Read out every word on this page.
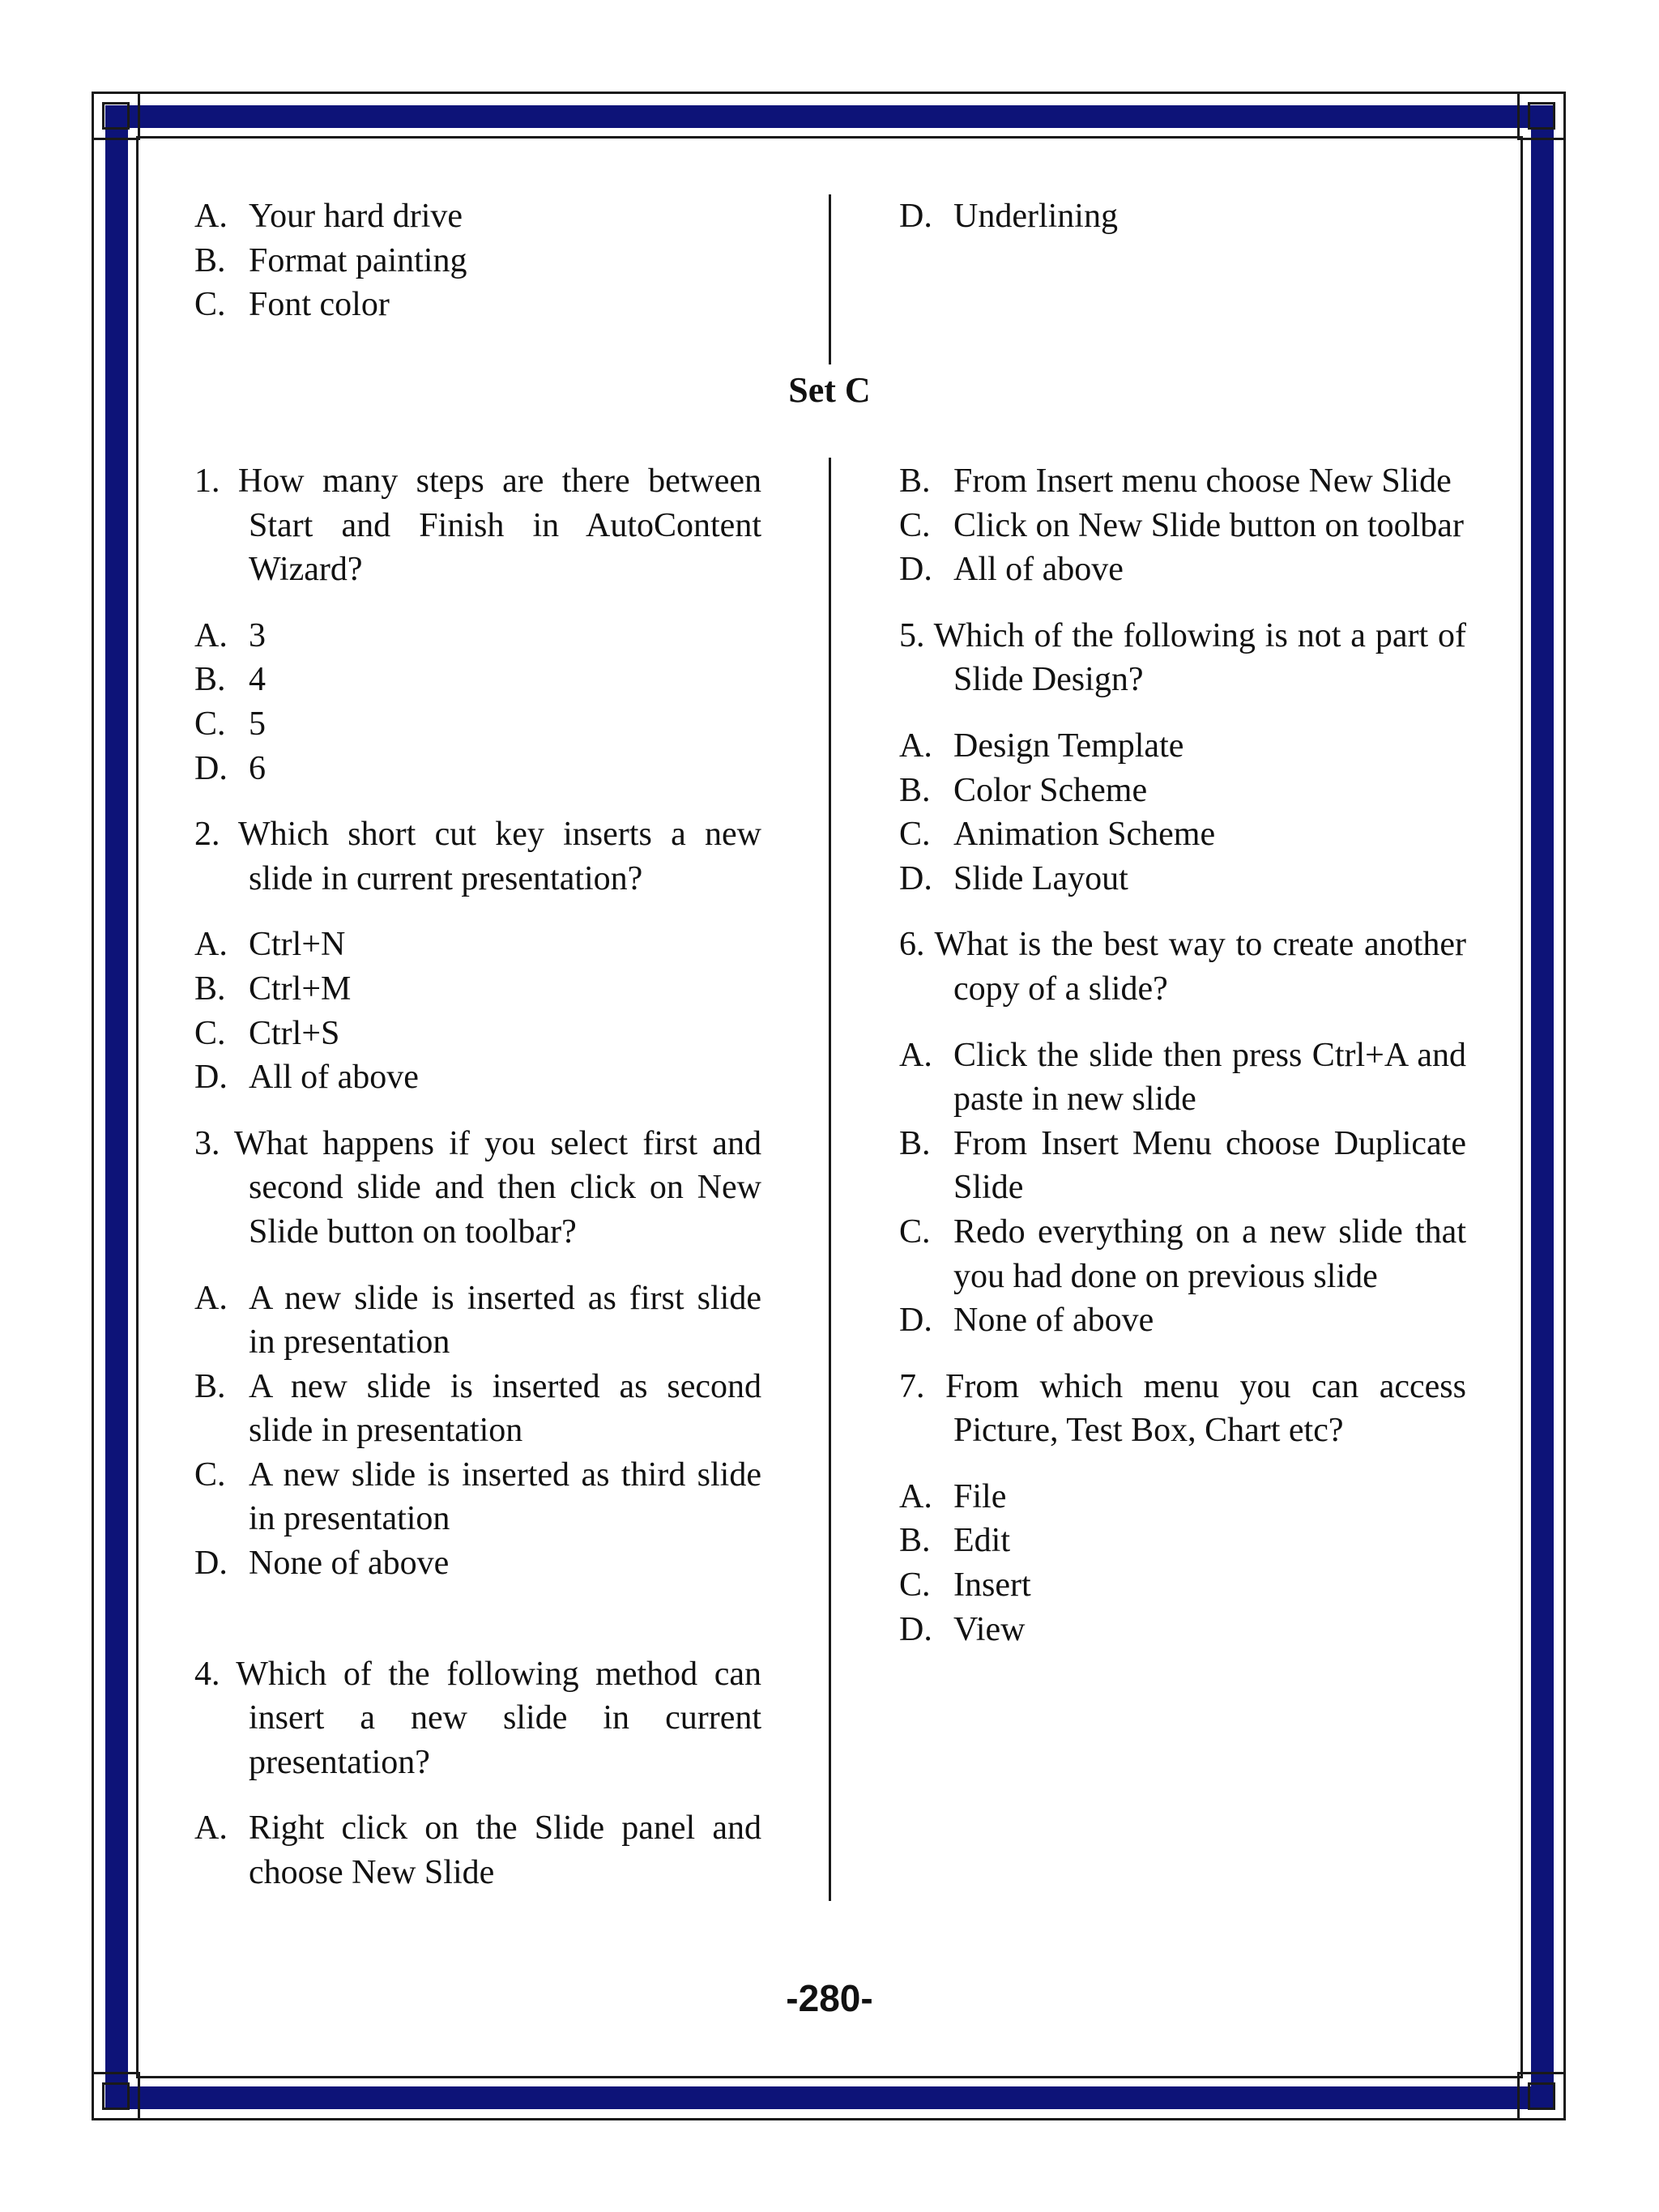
A. Your hard drive
B. Format painting
C. Font color
D. Underlining
Set C
1. How many steps are there between Start and Finish in AutoContent Wizard?
A. 3
B. 4
C. 5
D. 6
2. Which short cut key inserts a new slide in current presentation?
A. Ctrl+N
B. Ctrl+M
C. Ctrl+S
D. All of above
3. What happens if you select first and second slide and then click on New Slide button on toolbar?
A. A new slide is inserted as first slide in presentation
B. A new slide is inserted as second slide in presentation
C. A new slide is inserted as third slide in presentation
D. None of above
4. Which of the following method can insert a new slide in current presentation?
A. Right click on the Slide panel and choose New Slide
B. From Insert menu choose New Slide
C. Click on New Slide button on toolbar
D. All of above
5. Which of the following is not a part of Slide Design?
A. Design Template
B. Color Scheme
C. Animation Scheme
D. Slide Layout
6. What is the best way to create another copy of a slide?
A. Click the slide then press Ctrl+A and paste in new slide
B. From Insert Menu choose Duplicate Slide
C. Redo everything on a new slide that you had done on previous slide
D. None of above
7. From which menu you can access Picture, Test Box, Chart etc?
A. File
B. Edit
C. Insert
D. View
-280-
